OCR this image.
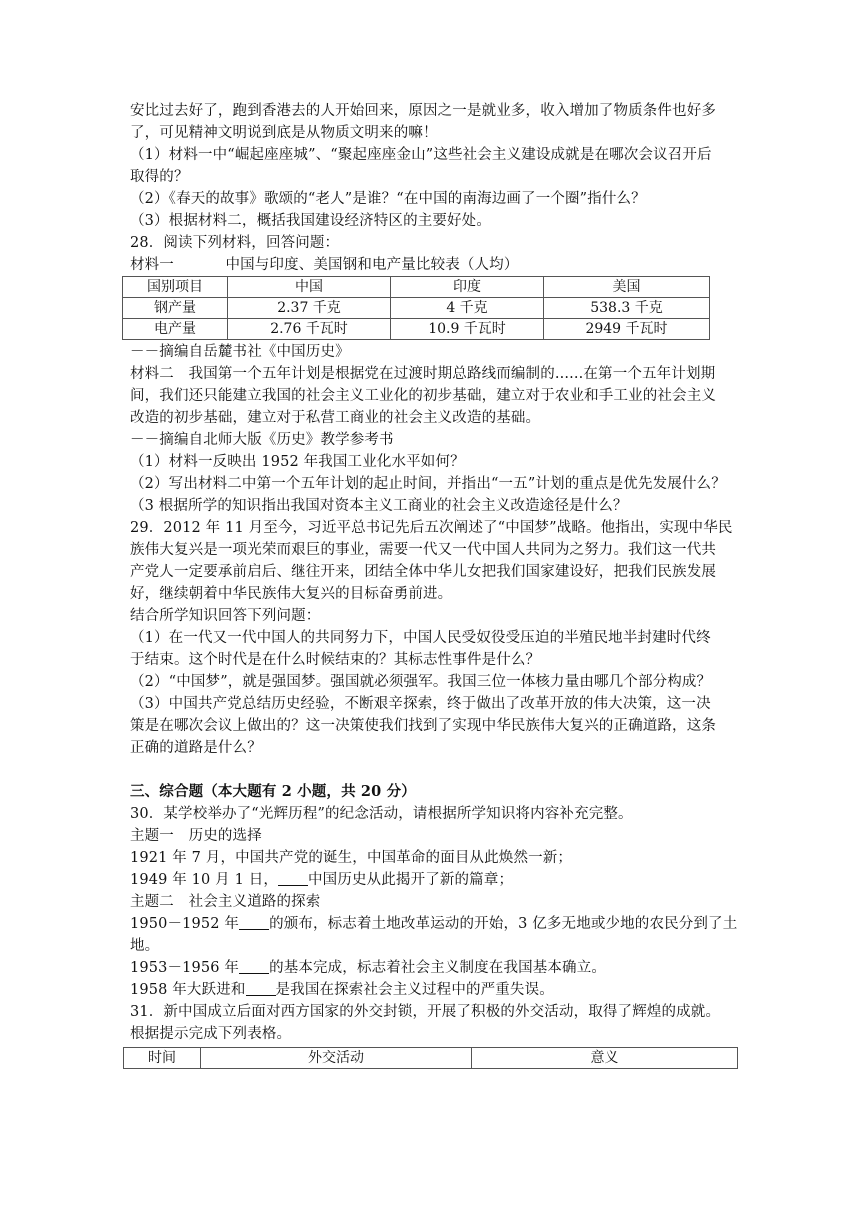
安比过去好了，跑到香港去的人开始回来，原因之一是就业多，收入增加了物质条件也好多
了，可见精神文明说到底是从物质文明来的嘛！
（1）材料一中“崛起座座城”、“聚起座座金山”这些社会主义建设成就是在哪次会议召开后
取得的？
（2）《春天的故事》歌颂的“老人”是谁？“在中国的南海边画了一个圈”指什么？
（3）根据材料二，概括我国建设经济特区的主要好处。
28．阅读下列材料，回答问题：
材料一	中国与印度、美国钢和电产量比较表（人均）
国别项目	中国	印度	美国
钢产量	2.37 千克	4 千克	538.3 千克
电产量	2.76 千瓦时	10.9 千瓦时	2949 千瓦时
－－摘编自岳麓书社《中国历史》
材料二　我国第一个五年计划是根据党在过渡时期总路线而编制的......在第一个五年计划期
间，我们还只能建立我国的社会主义工业化的初步基础，建立对于农业和手工业的社会主义
改造的初步基础，建立对于私营工商业的社会主义改造的基础。
－－摘编自北师大版《历史》教学参考书
（1）材料一反映出 1952 年我国工业化水平如何？
（2）写出材料二中第一个五年计划的起止时间，并指出“一五”计划的重点是优先发展什么？
（3 根据所学的知识指出我国对资本主义工商业的社会主义改造途径是什么？
29．2012 年 11 月至今，习近平总书记先后五次阐述了“中国梦”战略。他指出，实现中华民
族伟大复兴是一项光荣而艰巨的事业，需要一代又一代中国人共同为之努力。我们这一代共
产党人一定要承前启后、继往开来，团结全体中华儿女把我们国家建设好，把我们民族发展
好，继续朝着中华民族伟大复兴的目标奋勇前进。
结合所学知识回答下列问题：
（1）在一代又一代中国人的共同努力下，中国人民受奴役受压迫的半殖民地半封建时代终
于结束。这个时代是在什么时候结束的？其标志性事件是什么？
（2）“中国梦”，就是强国梦。强国就必须强军。我国三位一体核力量由哪几个部分构成？
（3）中国共产党总结历史经验，不断艰辛探索，终于做出了改革开放的伟大决策，这一决
策是在哪次会议上做出的？这一决策使我们找到了实现中华民族伟大复兴的正确道路，这条
正确的道路是什么？
三、综合题（本大题有 2 小题，共 20 分）
30．某学校举办了“光辉历程”的纪念活动，请根据所学知识将内容补充完整。
主题一　历史的选择
1921 年 7 月，中国共产党的诞生，中国革命的面目从此焕然一新；
1949 年 10 月 1 日， 中国历史从此揭开了新的篇章；
主题二　社会主义道路的探索
1950－1952 年 的颁布，标志着土地改革运动的开始，3 亿多无地或少地的农民分到了土
地。
1953－1956 年 的基本完成，标志着社会主义制度在我国基本确立。
1958 年大跃进和 是我国在探索社会主义过程中的严重失误。
31．新中国成立后面对西方国家的外交封锁，开展了积极的外交活动，取得了辉煌的成就。
根据提示完成下列表格。
时间	外交活动	意义
